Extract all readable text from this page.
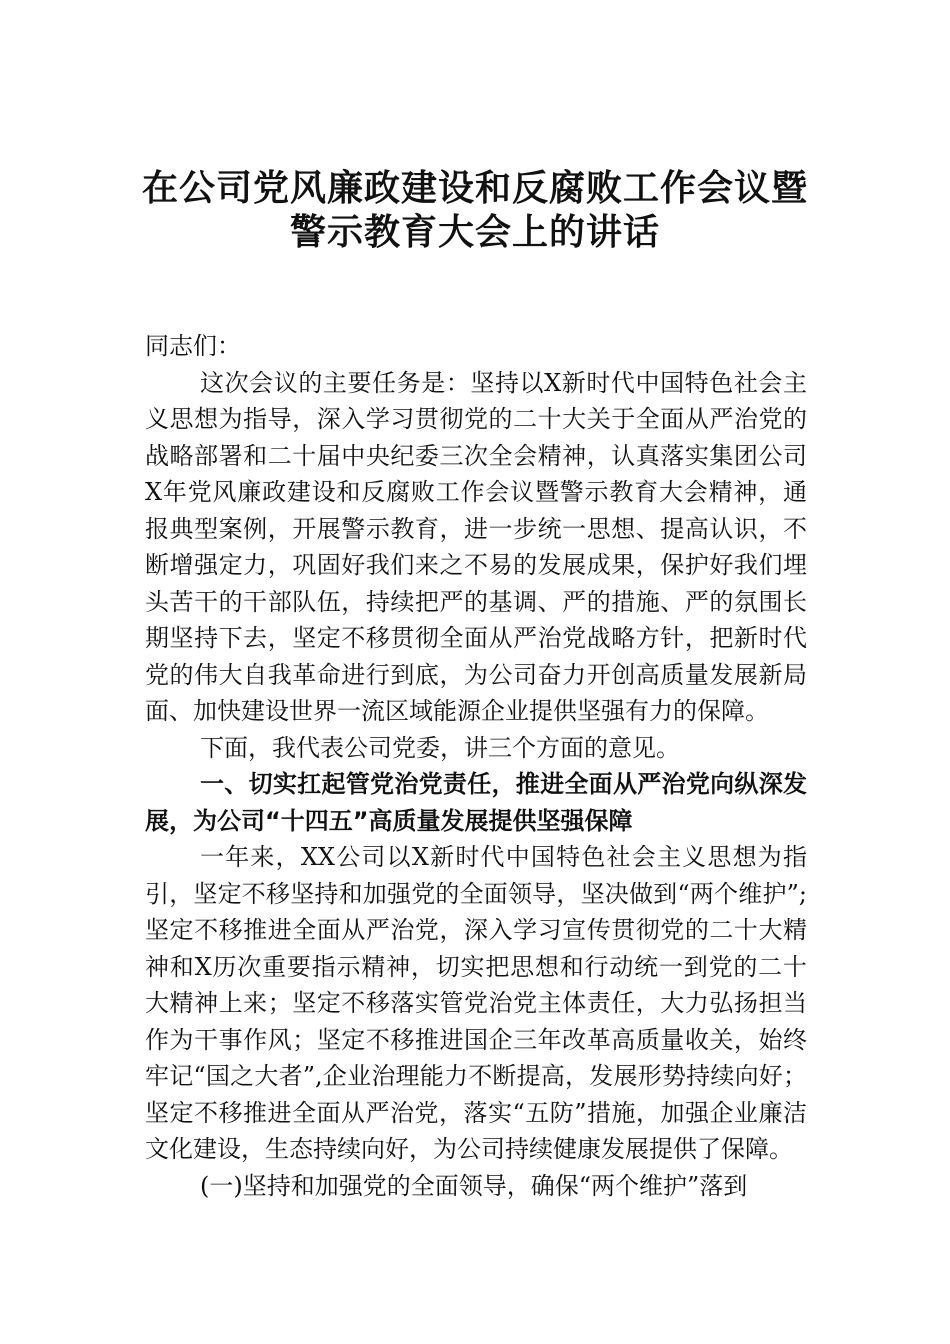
在公司党风廉政建设和反腐败工作会议暨
警示教育大会上的讲话

同志们：

这次会议的主要任务是：坚持以X新时代中国特色社会主义思想为指导，深入学习贯彻党的二十大关于全面从严治党的战略部署和二十届中央纪委三次全会精神，认真落实集团公司X年党风廉政建设和反腐败工作会议暨警示教育大会精神，通报典型案例，开展警示教育，进一步统一思想、提高认识，不断增强定力，巩固好我们来之不易的发展成果，保护好我们埋头苦干的干部队伍，持续把严的基调、严的措施、严的氛围长期坚持下去，坚定不移贯彻全面从严治党战略方针，把新时代党的伟大自我革命进行到底，为公司奋力开创高质量发展新局面、加快建设世界一流区域能源企业提供坚强有力的保障。

下面，我代表公司党委，讲三个方面的意见。

一、切实扛起管党治党责任，推进全面从严治党向纵深发展，为公司“十四五”高质量发展提供坚强保障

一年来，XX公司以X新时代中国特色社会主义思想为指引，坚定不移坚持和加强党的全面领导，坚决做到“两个维护”;坚定不移推进全面从严治党，深入学习宣传贯彻党的二十大精神和X历次重要指示精神，切实把思想和行动统一到党的二十大精神上来；坚定不移落实管党治党主体责任，大力弘扬担当作为干事作风；坚定不移推进国企三年改革高质量收关，始终牢记“国之大者”,企业治理能力不断提高，发展形势持续向好；坚定不移推进全面从严治党，落实“五防”措施，加强企业廉洁文化建设，生态持续向好，为公司持续健康发展提供了保障。

(一)坚持和加强党的全面领导，确保“两个维护”落到
